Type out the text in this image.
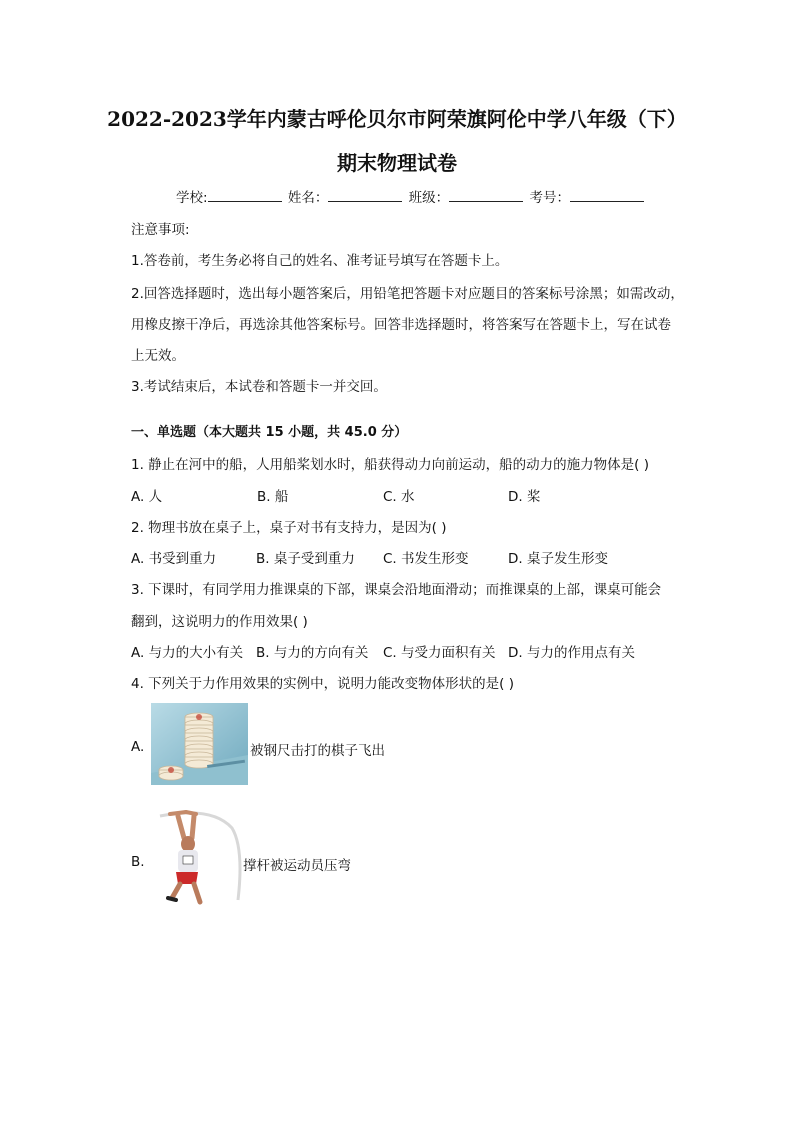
2022-2023学年内蒙古呼伦贝尔市阿荣旗阿伦中学八年级（下）
期末物理试卷
学校:	姓名：	班级：	考号：
注意事项:
1.答卷前，考生务必将自己的姓名、准考证号填写在答题卡上。
2.回答选择题时，选出每小题答案后，用铅笔把答题卡对应题目的答案标号涂黑；如需改动，
用橡皮擦干净后，再选涂其他答案标号。回答非选择题时，将答案写在答题卡上，写在试卷
上无效。
3.考试结束后，本试卷和答题卡一并交回。
一、单选题（本大题共 15 小题，共 45.0 分）
1. 静止在河中的船，人用船桨划水时，船获得动力向前运动，船的动力的施力物体是( )
A. 人	B. 船	C. 水	D. 桨
2. 物理书放在桌子上，桌子对书有支持力，是因为( )
A. 书受到重力	B. 桌子受到重力 C. 书发生形变	D. 桌子发生形变
3. 下课时，有同学用力推课桌的下部，课桌会沿地面滑动；而推课桌的上部，课桌可能会
翻到，这说明力的作用效果( )
A. 与力的大小有关 B. 与力的方向有关 C. 与受力面积有关 D. 与力的作用点有关
4. 下列关于力作用效果的实例中，说明力能改变物体形状的是( )
A.	被钢尺击打的棋子飞出
B.	撑杆被运动员压弯
